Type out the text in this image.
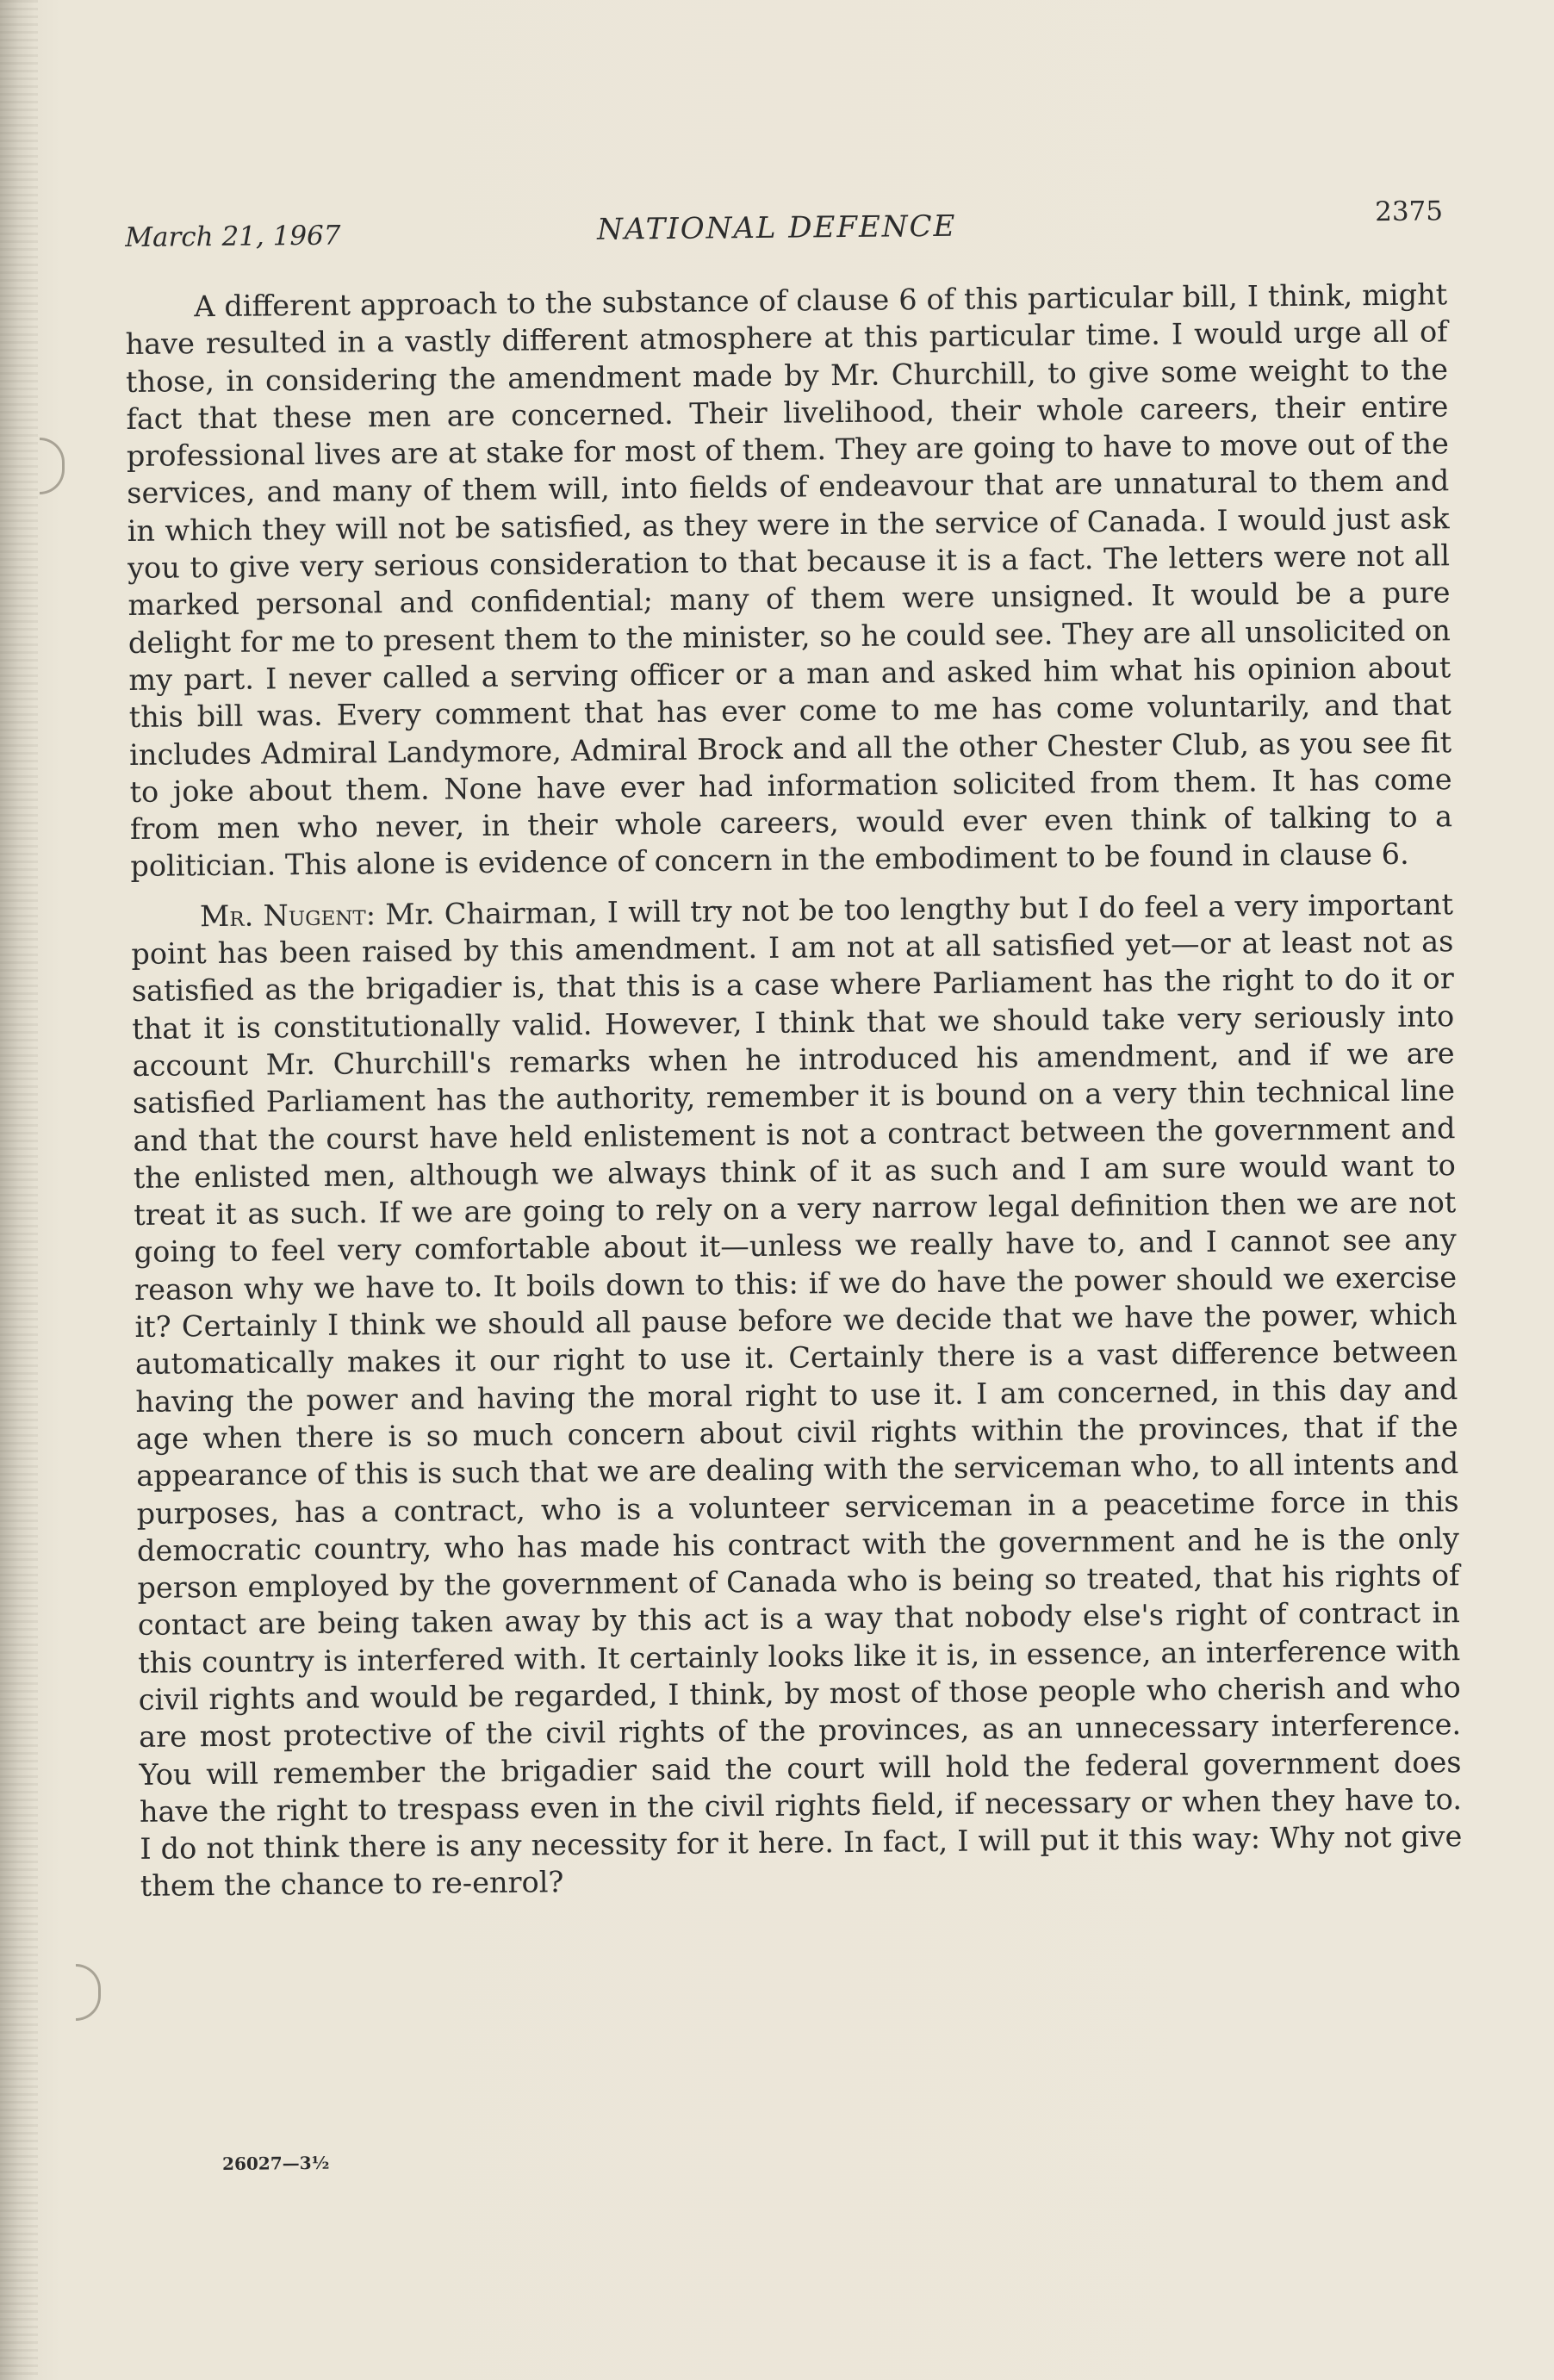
March 21, 1967	NATIONAL DEFENCE	2375

A different approach to the substance of clause 6 of this particular bill, I think, might have resulted in a vastly different atmosphere at this particular time. I would urge all of those, in considering the amendment made by Mr. Churchill, to give some weight to the fact that these men are concerned. Their livelihood, their whole careers, their entire professional lives are at stake for most of them. They are going to have to move out of the services, and many of them will, into fields of endeavour that are unnatural to them and in which they will not be satisfied, as they were in the service of Canada. I would just ask you to give very serious consideration to that because it is a fact. The letters were not all marked personal and confidential; many of them were unsigned. It would be a pure delight for me to present them to the minister, so he could see. They are all unsolicited on my part. I never called a serving officer or a man and asked him what his opinion about this bill was. Every comment that has ever come to me has come voluntarily, and that includes Admiral Landymore, Admiral Brock and all the other Chester Club, as you see fit to joke about them. None have ever had information solicited from them. It has come from men who never, in their whole careers, would ever even think of talking to a politician. This alone is evidence of concern in the embodiment to be found in clause 6.

Mr. Nugent: Mr. Chairman, I will try not be too lengthy but I do feel a very important point has been raised by this amendment. I am not at all satisfied yet—or at least not as satisfied as the brigadier is, that this is a case where Parliament has the right to do it or that it is constitutionally valid. However, I think that we should take very seriously into account Mr. Churchill's remarks when he introduced his amendment, and if we are satisfied Parliament has the authority, remember it is bound on a very thin technical line and that the courst have held enlistement is not a contract between the government and the enlisted men, although we always think of it as such and I am sure would want to treat it as such. If we are going to rely on a very narrow legal definition then we are not going to feel very comfortable about it—unless we really have to, and I cannot see any reason why we have to. It boils down to this: if we do have the power should we exercise it? Certainly I think we should all pause before we decide that we have the power, which automatically makes it our right to use it. Certainly there is a vast difference between having the power and having the moral right to use it. I am concerned, in this day and age when there is so much concern about civil rights within the provinces, that if the appearance of this is such that we are dealing with the serviceman who, to all intents and purposes, has a contract, who is a volunteer serviceman in a peacetime force in this democratic country, who has made his contract with the government and he is the only person employed by the government of Canada who is being so treated, that his rights of contact are being taken away by this act is a way that nobody else's right of contract in this country is interfered with. It certainly looks like it is, in essence, an interference with civil rights and would be regarded, I think, by most of those people who cherish and who are most protective of the civil rights of the provinces, as an unnecessary interference. You will remember the brigadier said the court will hold the federal government does have the right to trespass even in the civil rights field, if necessary or when they have to. I do not think there is any necessity for it here. In fact, I will put it this way: Why not give them the chance to re-enrol?

26027—3½
